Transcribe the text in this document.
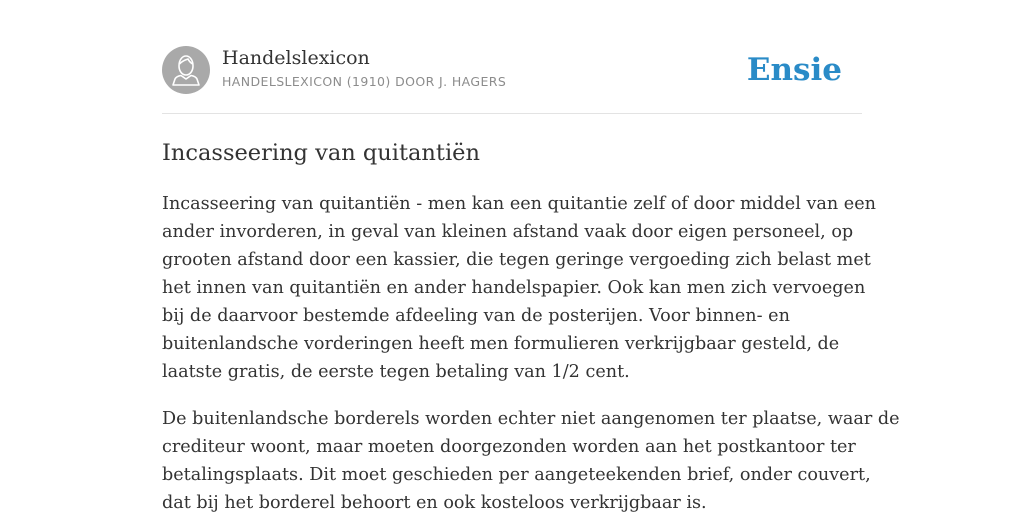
Handelslexicon
HANDELSLEXICON (1910) DOOR J. HAGERS	Ensie
Incasseering van quitantiën

Incasseering van quitantiën - men kan een quitantie zelf of door middel van een
ander invorderen, in geval van kleinen afstand vaak door eigen personeel, op
grooten afstand door een kassier, die tegen geringe vergoeding zich belast met
het innen van quitantiën en ander handelspapier. Ook kan men zich vervoegen
bij de daarvoor bestemde afdeeling van de posterijen. Voor binnen- en
buitenlandsche vorderingen heeft men formulieren verkrijgbaar gesteld, de
laatste gratis, de eerste tegen betaling van 1/2 cent.

De buitenlandsche borderels worden echter niet aangenomen ter plaatse, waar de
crediteur woont, maar moeten doorgezonden worden aan het postkantoor ter
betalingsplaats. Dit moet geschieden per aangeteekenden brief, onder couvert,
dat bij het borderel behoort en ook kosteloos verkrijgbaar is.
